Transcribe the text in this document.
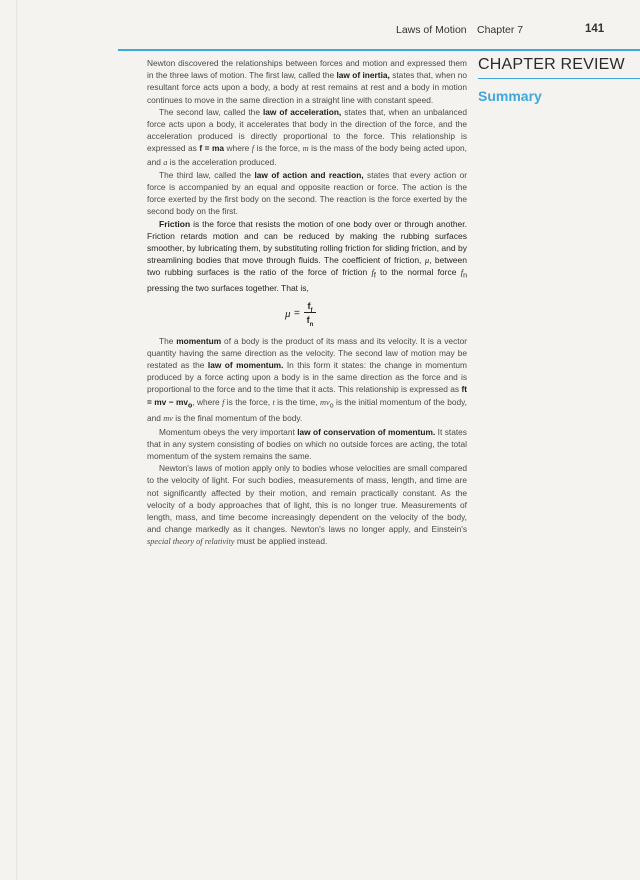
Laws of Motion Chapter 7	141
CHAPTER REVIEW
Summary

Newton discovered the relationships between forces and motion and expressed them in the three laws of motion. The first law, called the law of inertia, states that, when no resultant force acts upon a body, a body at rest remains at rest and a body in motion continues to move in the same direction in a straight line with constant speed.

The second law, called the law of acceleration, states that, when an unbalanced force acts upon a body, it accelerates that body in the direction of the force, and the acceleration produced is directly proportional to the force. This relationship is expressed as f = ma where f is the force, m is the mass of the body being acted upon, and a is the acceleration produced.

The third law, called the law of action and reaction, states that every action or force is accompanied by an equal and opposite reaction or force. The action is the force exerted by the first body on the second. The reaction is the force exerted by the second body on the first.

Friction is the force that resists the motion of one body over or through another. Friction retards motion and can be reduced by making the rubbing surfaces smoother, by lubricating them, by substituting rolling friction for sliding friction, and by streamlining bodies that move through fluids. The coefficient of friction, μ, between two rubbing surfaces is the ratio of the force of friction $f_f$ to the normal force $f_n$ pressing the two surfaces together. That is,

μ =
$f_f$
$f_n$

The momentum of a body is the product of its mass and its velocity. It is a vector quantity having the same direction as the velocity. The second law of motion may be restated as the law of momentum. In this form it states: the change in momentum produced by a force acting upon a body is in the same direction as the force and is proportional to the force and to the time that it acts. This relationship is expressed as ft = mv − $mv_o$, where f is the force, t is the time, $mv_o$ is the initial momentum of the body, and mv is the final momentum of the body.

Momentum obeys the very important law of conservation of momentum. It states that in any system consisting of bodies on which no outside forces are acting, the total momentum of the system remains the same.

Newton's laws of motion apply only to bodies whose velocities are small compared to the velocity of light. For such bodies, measurements of mass, length, and time are not significantly affected by their motion, and remain practically constant. As the velocity of a body approaches that of light, this is no longer true. Measurements of length, mass, and time become increasingly dependent on the velocity of the body, and change markedly as it changes. Newton's laws no longer apply, and Einstein's special theory of relativity must be applied instead.
